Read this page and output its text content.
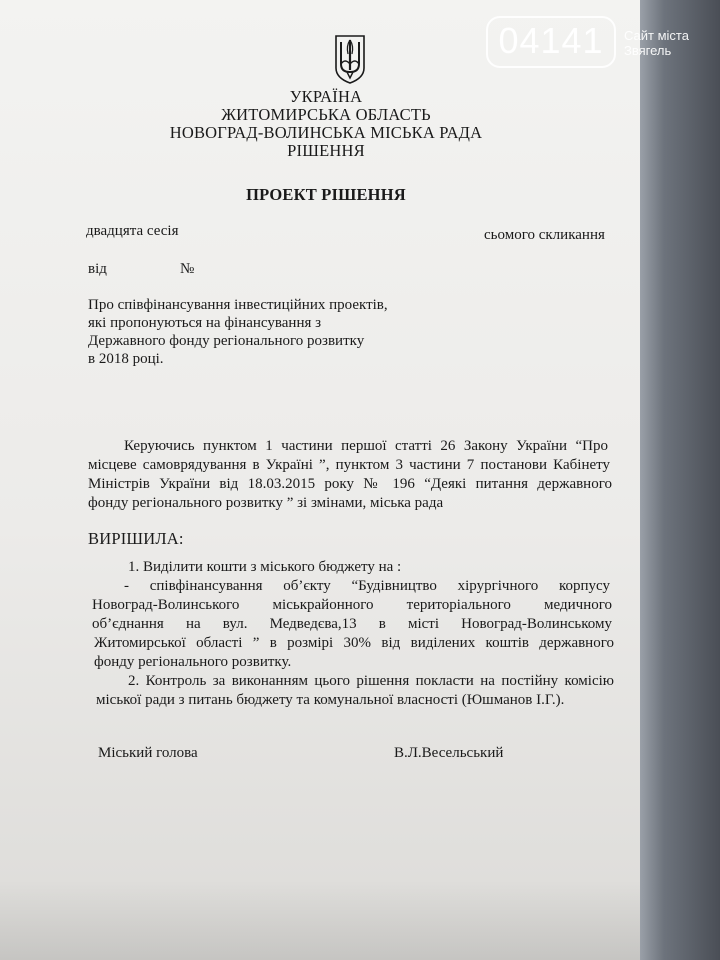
04141	Сайт міста
Звягель
УКРАЇНА
ЖИТОМИРСЬКА ОБЛАСТЬ
НОВОГРАД-ВОЛИНСЬКА МІСЬКА РАДА
РІШЕННЯ
ПРОЕКТ РІШЕННЯ
двадцята сесія	сьомого скликання
від	№
Про співфінансування інвестиційних проектів,
які пропонуються на фінансування з
Державного фонду регіонального розвитку
в 2018 році.
Керуючись пунктом 1 частини першої статті 26 Закону України “Про
місцеве самоврядування в Україні ”, пунктом 3 частини 7 постанови Кабінету
Міністрів України від 18.03.2015 року № 196 “Деякі питання державного
фонду регіонального розвитку ” зі змінами, міська рада
ВИРІШИЛА:
1. Виділити кошти з міського бюджету на :
- співфінансування об’єкту “Будівництво хірургічного корпусу
Новоград-Волинського міськрайонного територіального медичного
об’єднання на вул. Медведєва,13 в місті Новоград-Волинському
Житомирської області ” в розмірі 30% від виділених коштів державного
фонду регіонального розвитку.
2. Контроль за виконанням цього рішення покласти на постійну комісію
міської ради з питань бюджету та комунальної власності (Юшманов І.Г.).
Міський голова	В.Л.Весельський
